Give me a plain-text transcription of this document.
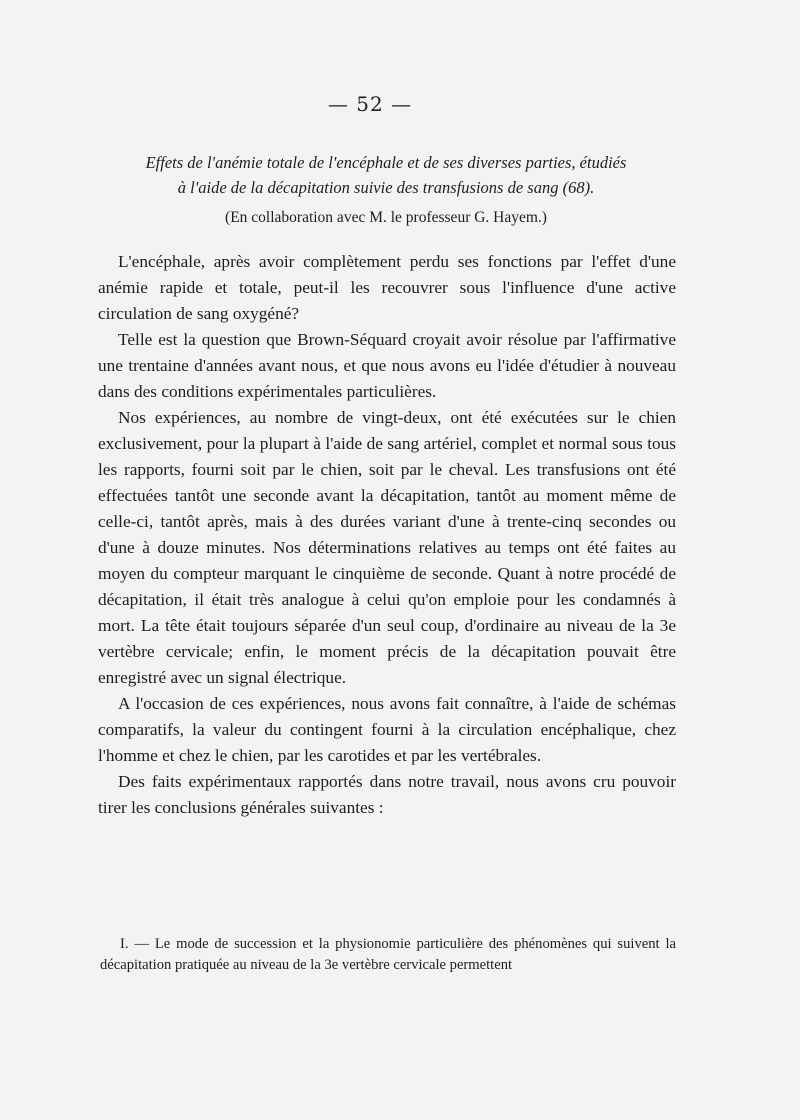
— 52 —
Effets de l'anémie totale de l'encéphale et de ses diverses parties, étudiés
à l'aide de la décapitation suivie des transfusions de sang (68).
(En collaboration avec M. le professeur G. Hayem.)

L'encéphale, après avoir complètement perdu ses fonctions par l'effet d'une anémie rapide et totale, peut-il les recouvrer sous l'influence d'une active circulation de sang oxygéné?

Telle est la question que Brown-Séquard croyait avoir résolue par l'affirmative une trentaine d'années avant nous, et que nous avons eu l'idée d'étudier à nouveau dans des conditions expérimentales particulières.

Nos expériences, au nombre de vingt-deux, ont été exécutées sur le chien exclusivement, pour la plupart à l'aide de sang artériel, complet et normal sous tous les rapports, fourni soit par le chien, soit par le cheval. Les transfusions ont été effectuées tantôt une seconde avant la décapitation, tantôt au moment même de celle-ci, tantôt après, mais à des durées variant d'une à trente-cinq secondes ou d'une à douze minutes. Nos déterminations relatives au temps ont été faites au moyen du compteur marquant le cinquième de seconde. Quant à notre procédé de décapitation, il était très analogue à celui qu'on emploie pour les condamnés à mort. La tête était toujours séparée d'un seul coup, d'ordinaire au niveau de la 3e vertèbre cervicale; enfin, le moment précis de la décapitation pouvait être enregistré avec un signal électrique.

A l'occasion de ces expériences, nous avons fait connaître, à l'aide de schémas comparatifs, la valeur du contingent fourni à la circulation encéphalique, chez l'homme et chez le chien, par les carotides et par les vertébrales.

Des faits expérimentaux rapportés dans notre travail, nous avons cru pouvoir tirer les conclusions générales suivantes :

I. — Le mode de succession et la physionomie particulière des phénomènes qui suivent la décapitation pratiquée au niveau de la 3e vertèbre cervicale permettent
